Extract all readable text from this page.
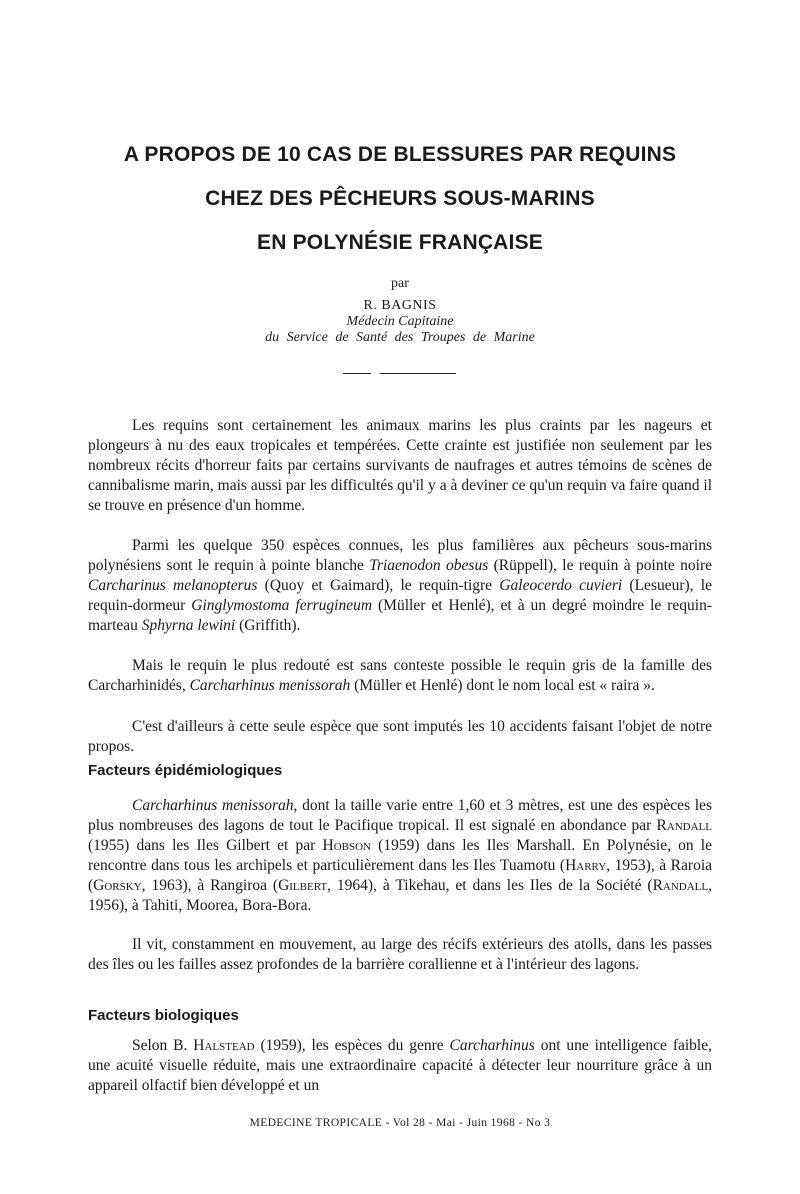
A PROPOS DE 10 CAS DE BLESSURES PAR REQUINS
CHEZ DES PÊCHEURS SOUS-MARINS
EN POLYNÉSIE FRANÇAISE

par

R. BAGNIS

Médecin Capitaine

du Service de Santé des Troupes de Marine

Les requins sont certainement les animaux marins les plus craints par les nageurs et plongeurs à nu des eaux tropicales et tempérées. Cette crainte est justifiée non seulement par les nombreux récits d'horreur faits par certains survivants de naufrages et autres témoins de scènes de cannibalisme marin, mais aussi par les difficultés qu'il y a à deviner ce qu'un requin va faire quand il se trouve en présence d'un homme.

Parmi les quelque 350 espèces connues, les plus familières aux pêcheurs sous-marins polynésiens sont le requin à pointe blanche Triaenodon obesus (Rüppell), le requin à pointe noire Carcharinus melanopterus (Quoy et Gaimard), le requin-tigre Galeocerdo cuvieri (Lesueur), le requin-dormeur Ginglymostoma ferrugineum (Müller et Henlé), et à un degré moindre le requin-marteau Sphyrna lewini (Griffith).

Mais le requin le plus redouté est sans conteste possible le requin gris de la famille des Carcharhinidés, Carcharhinus menissorah (Müller et Henlé) dont le nom local est « raira ».

C'est d'ailleurs à cette seule espèce que sont imputés les 10 accidents faisant l'objet de notre propos.

Facteurs épidémiologiques

Carcharhinus menissorah, dont la taille varie entre 1,60 et 3 mètres, est une des espèces les plus nombreuses des lagons de tout le Pacifique tropical. Il est signalé en abondance par Randall (1955) dans les Iles Gilbert et par Hobson (1959) dans les Iles Marshall. En Polynésie, on le rencontre dans tous les archipels et particulièrement dans les Iles Tuamotu (Harry, 1953), à Raroia (Gorsky, 1963), à Rangiroa (Gilbert, 1964), à Tikehau, et dans les Iles de la Société (Randall, 1956), à Tahiti, Moorea, Bora-Bora.

Il vit, constamment en mouvement, au large des récifs extérieurs des atolls, dans les passes des îles ou les failles assez profondes de la barrière corallienne et à l'intérieur des lagons.

Facteurs biologiques

Selon B. Halstead (1959), les espèces du genre Carcharhinus ont une intelligence faible, une acuité visuelle réduite, mais une extraordinaire capacité à détecter leur nourriture grâce à un appareil olfactif bien développé et un

MEDECINE TROPICALE - Vol 28 - Mai - Juin 1968 - No 3
